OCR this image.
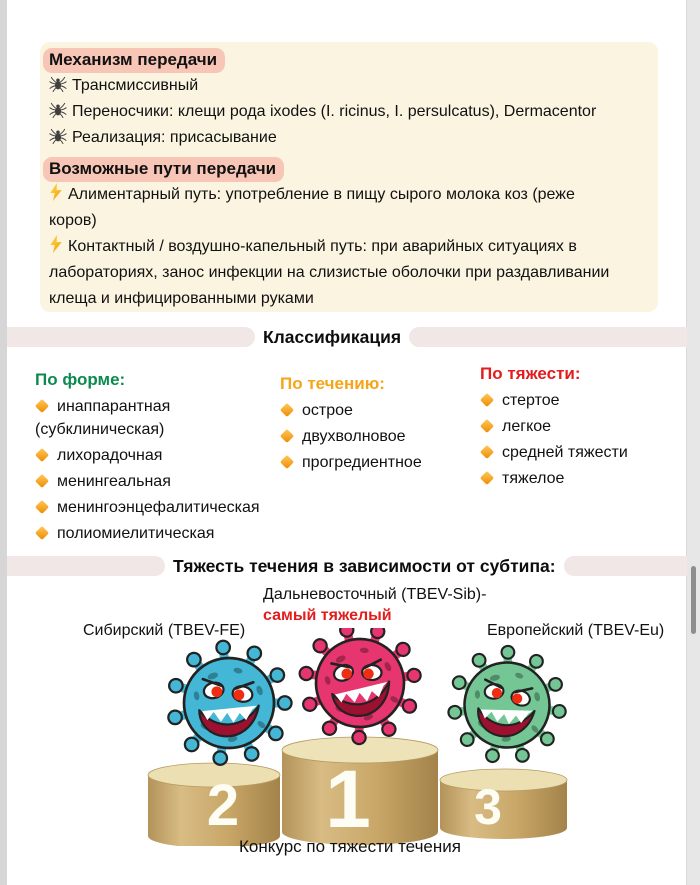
Механизм передачи

Трансмиссивный

Переносчики: клещи рода ixodes (I. ricinus, I. persulcatus), Dermacentor

Реализация: присасывание

Возможные пути передачи

Алиментарный путь: употребление в пищу сырого молока коз (реже коров)

Контактный / воздушно-капельный путь: при аварийных ситуациях в лабораториях, занос инфекции на слизистые оболочки при раздавливании клеща и инфицированными руками

Классификация
По форме:
инаппарантная (субклиническая)
лихорадочная
менингеальная
менингоэнцефалитическая
полиомиелитическая
По течению:
острое
двухволновое
прогредиентное
По тяжести:
стертое
легкое
средней тяжести
тяжелое
Тяжесть течения в зависимости от субтипа:
Дальневосточный (TBEV-Sib)-
самый тяжелый
Сибирский (TBEV-FE)	Европейский (TBEV-Eu)
2 1 3
Конкурс по тяжести течения
